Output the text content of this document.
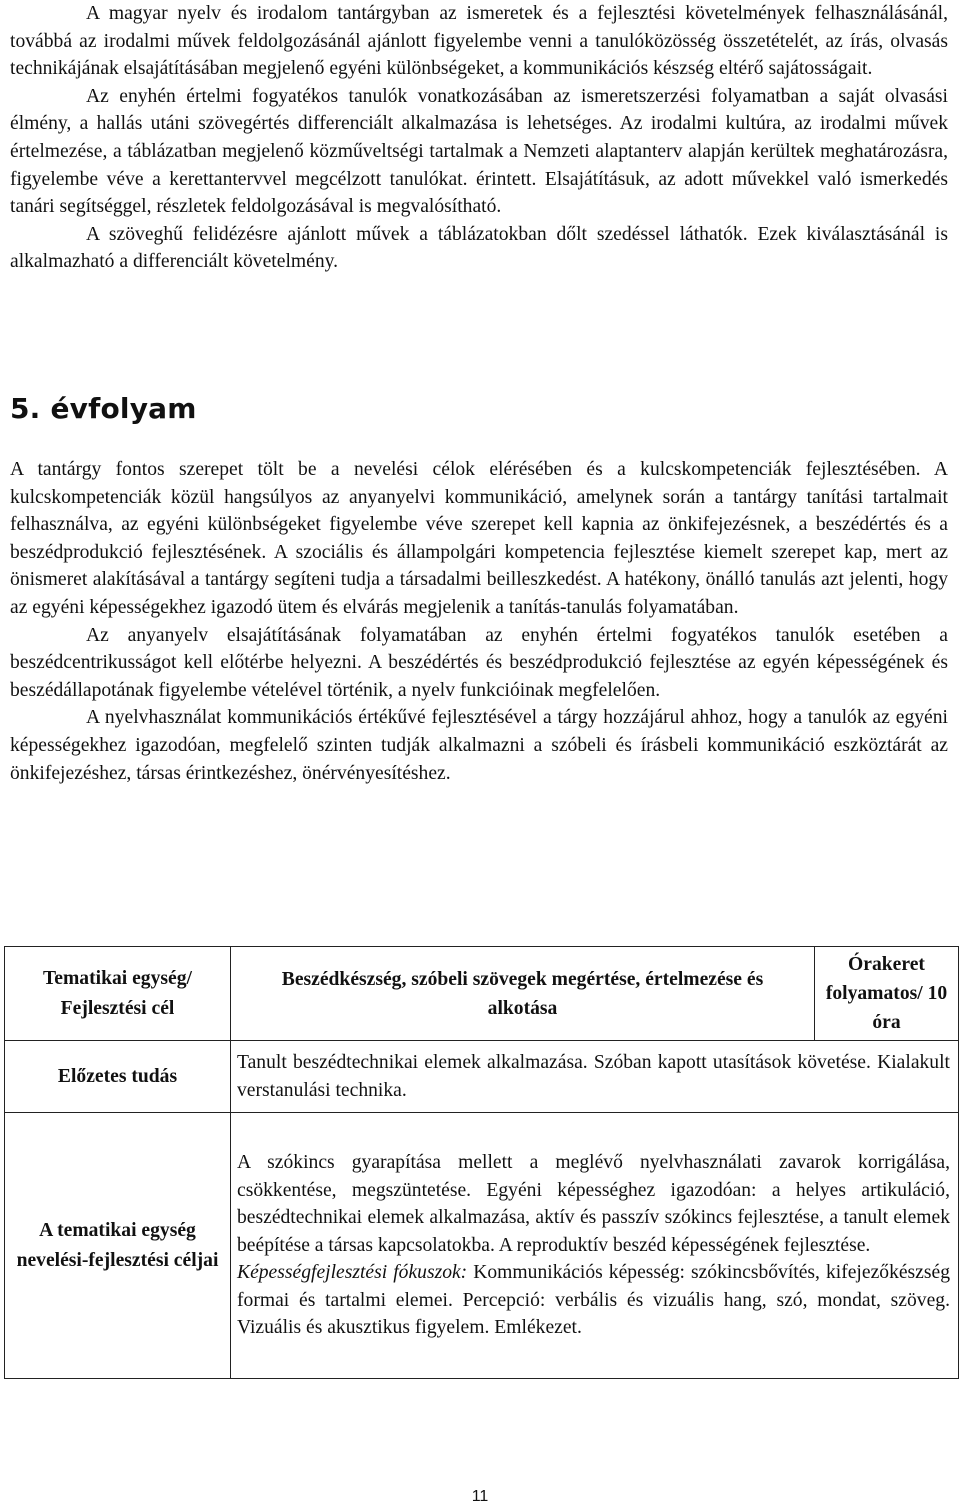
A magyar nyelv és irodalom tantárgyban az ismeretek és a fejlesztési követelmények felhasználásánál, továbbá az irodalmi művek feldolgozásánál ajánlott figyelembe venni a tanulóközösség összetételét, az írás, olvasás technikájának elsajátításában megjelenő egyéni különbségeket, a kommunikációs készség eltérő sajátosságait.

Az enyhén értelmi fogyatékos tanulók vonatkozásában az ismeretszerzési folyamatban a saját olvasási élmény, a hallás utáni szövegértés differenciált alkalmazása is lehetséges. Az irodalmi kultúra, az irodalmi művek értelmezése, a táblázatban megjelenő közműveltségi tartalmak a Nemzeti alaptanterv alapján kerültek meghatározásra, figyelembe véve a kerettantervvel megcélzott tanulókat. érintett. Elsajátításuk, az adott művekkel való ismerkedés tanári segítséggel, részletek feldolgozásával is megvalósítható.

A szöveghű felidézésre ajánlott művek a táblázatokban dőlt szedéssel láthatók. Ezek kiválasztásánál is alkalmazható a differenciált követelmény.

5. évfolyam

A tantárgy fontos szerepet tölt be a nevelési célok elérésében és a kulcskompetenciák fejlesztésében. A kulcskompetenciák közül hangsúlyos az anyanyelvi kommunikáció, amelynek során a tantárgy tanítási tartalmait felhasználva, az egyéni különbségeket figyelembe véve szerepet kell kapnia az önkifejezésnek, a beszédértés és a beszédprodukció fejlesztésének. A szociális és állampolgári kompetencia fejlesztése kiemelt szerepet kap, mert az önismeret alakításával a tantárgy segíteni tudja a társadalmi beilleszkedést. A hatékony, önálló tanulás azt jelenti, hogy az egyéni képességekhez igazodó ütem és elvárás megjelenik a tanítás-tanulás folyamatában.

Az anyanyelv elsajátításának folyamatában az enyhén értelmi fogyatékos tanulók esetében a beszédcentrikusságot kell előtérbe helyezni. A beszédértés és beszédprodukció fejlesztése az egyén képességének és beszédállapotának figyelembe vételével történik, a nyelv funkcióinak megfelelően.

A nyelvhasználat kommunikációs értékűvé fejlesztésével a tárgy hozzájárul ahhoz, hogy a tanulók az egyéni képességekhez igazodóan, megfelelő szinten tudják alkalmazni a szóbeli és írásbeli kommunikáció eszköztárát az önkifejezéshez, társas érintkezéshez, önérvényesítéshez.

Tematikai egység/ Fejlesztési cél	Beszédkészség, szóbeli szövegek megértése, értelmezése és alkotása	Órakeret folyamatos/ 10 óra
Előzetes tudás	Tanult beszédtechnikai elemek alkalmazása. Szóban kapott utasítások követése. Kialakult verstanulási technika.	

A tematikai egység nevelési-fejlesztési céljai	A szókincs gyarapítása mellett a meglévő nyelvhasználati zavarok korrigálása, csökkentése, megszüntetése. Egyéni képességhez igazodóan: a helyes artikuláció, beszédtechnikai elemek alkalmazása, aktív és passzív szókincs fejlesztése, a tanult elemek beépítése a társas kapcsolatokba. A reproduktív beszéd képességének fejlesztése.

Képességfejlesztési fókuszok: Kommunikációs képesség: szókincsbővítés, kifejezőkészség formai és tartalmi elemei. Percepció: verbális és vizuális hang, szó, mondat, szöveg. Vizuális és akusztikus figyelem. Emlékezet.	

11
